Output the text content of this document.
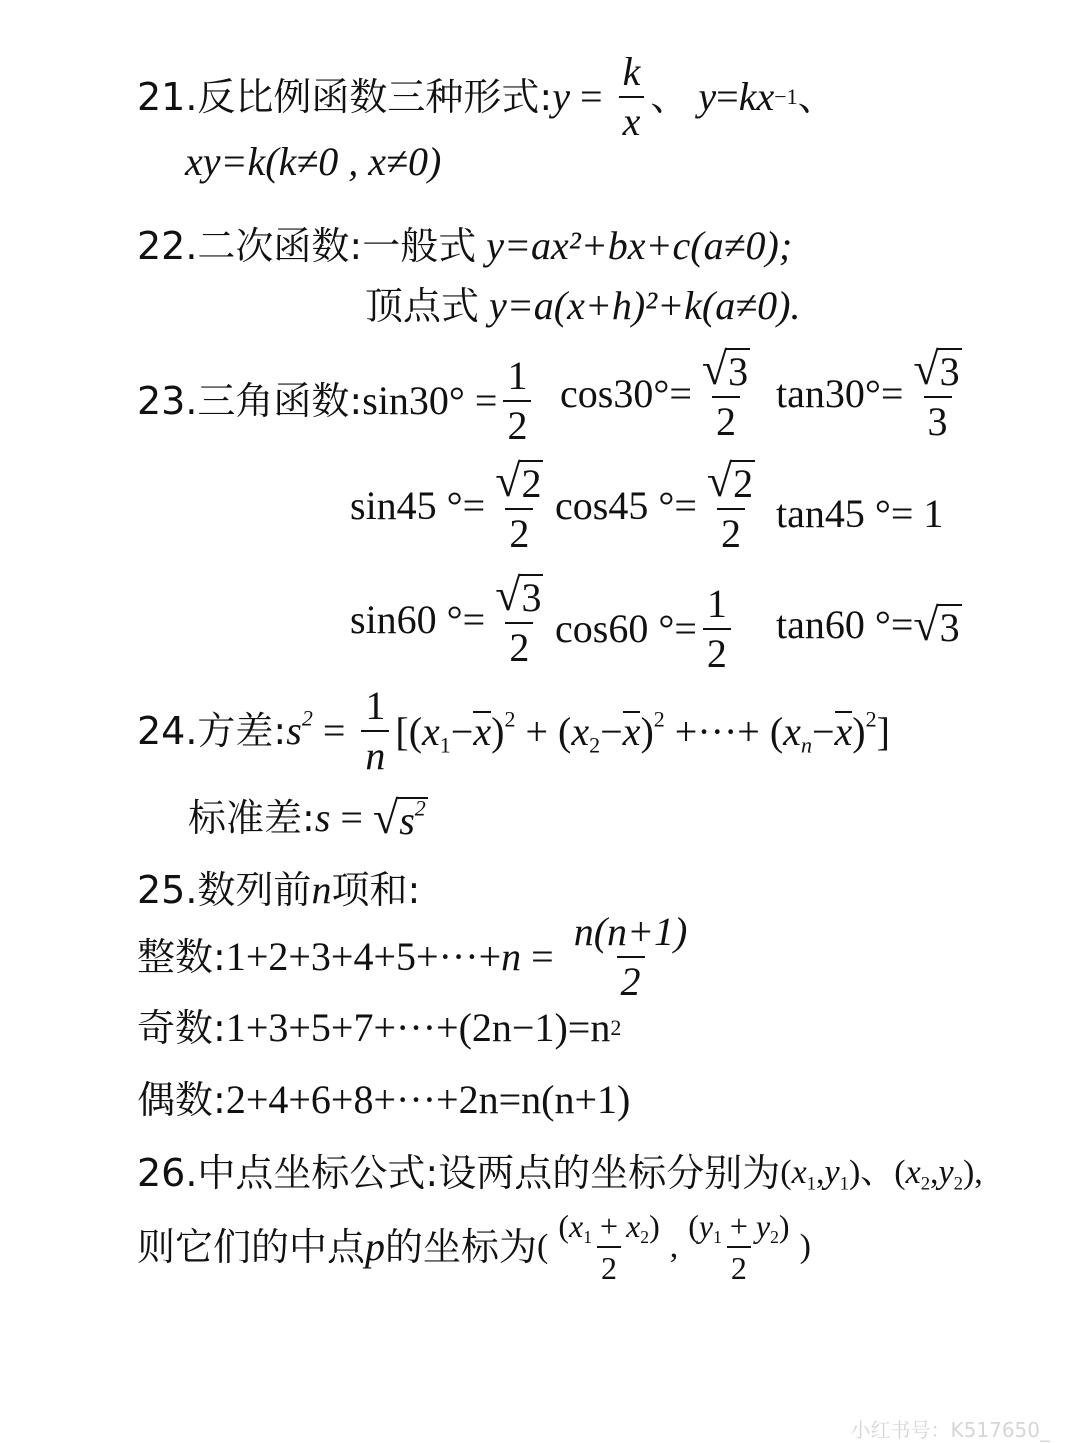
21.反比例函数三种形式: $y = \frac{k}{x}$ 、 y = kx −1 、
xy=k(k≠0 , x≠0)
22.二次函数: 一般式 y=ax²+bx+c(a≠0);
顶点式 y=a(x+h)²+k(a≠0).
23.三角函数: $\sin 30^\circ = \frac{1}{2} \cos 30^\circ= \frac{√ 3}{2} \tan 30^\circ= \frac{√ 3}{3}$
sin45 °= $\frac{√ 2}{2} \cos 45$ °= $\frac{√ 2}{2} \tan 45$ °= 1
sin60 °= $\frac{√ 3}{2} \cos 60$ °= $\frac{1}{2} \tan 60$ °= √ 3
24.方差: $s^2 = \frac{1}{n} [(x_1-x)^2 + (x_2-x)^2$ +···+ $(x_n-x)^2$]
标准差: s = √ $s^2$
25.数列前 n 项和:
整数: $1+2+3+4+5+\cdot\cdot\cdot+ n = \frac{n(n+1)}{2}$
奇数: 1+3+5+7+···+(2n−1)=n 2
偶数: 2+4+6+8+···+2n=n(n+1)
26.中点坐标公式:设两点的坐标分别为 $(x_1,y_1)$、$(x_2,y_2)$,
则它们的中点 p 的坐标为 ( $\frac{(x_1 + x_2)}{2}$ , $\frac{(y_1 + y_2)}{2}$ )
小红书号：K517650_
